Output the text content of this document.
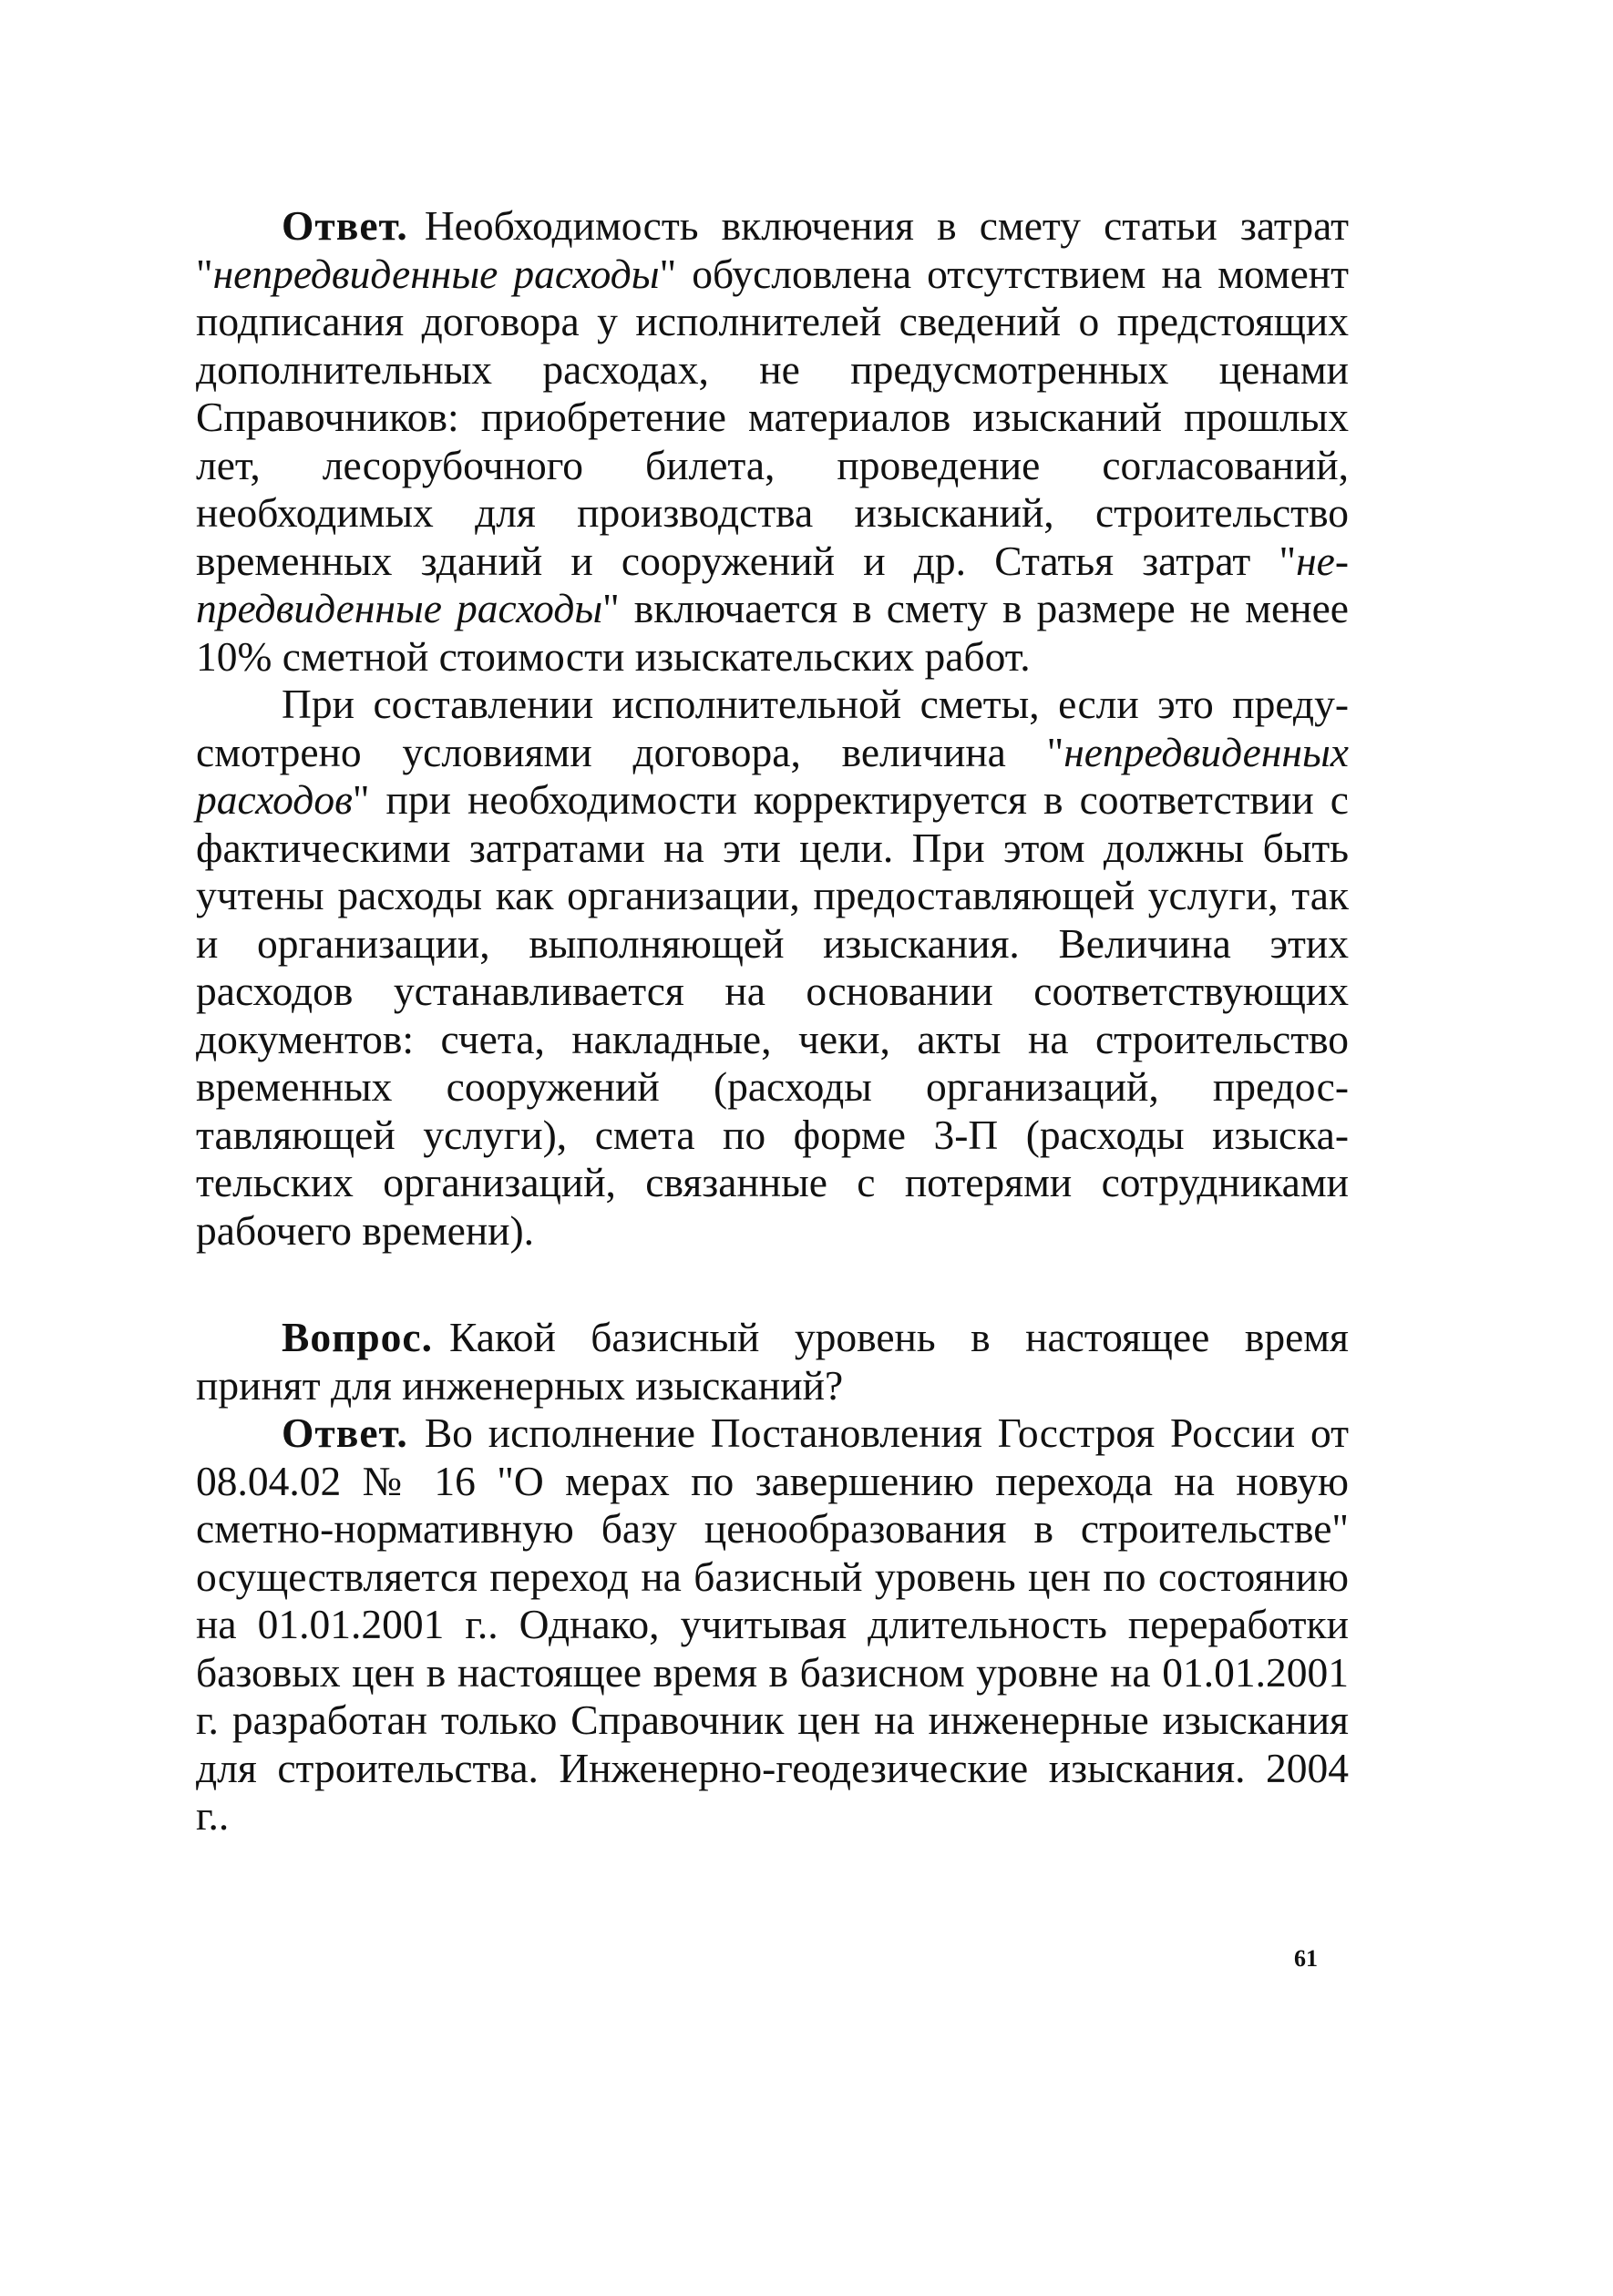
Ответ. Необходимость включения в смету статьи затрат "непредвиденные расходы" обусловлена отсутствием на момент подписания договора у исполнителей сведений о предстоящих дополнительных расходах, не предусмотренных ценами Справочников: приобретение материалов изысканий прошлых лет, лесорубочного билета, проведение согласований, необходимых для производства изысканий, строительство временных зданий и сооружений и др. Статья затрат "не-предвиденные расходы" включается в смету в размере не менее 10% сметной стоимости изыскательских работ.

При составлении исполнительной сметы, если это предусмотрено условиями договора, величина "непредвиденных расходов" при необходимости корректируется в соответствии с фактическими затратами на эти цели. При этом должны быть учтены расходы как организации, предоставляющей услуги, так и организации, выполняющей изыскания. Величина этих расходов устанавливается на основании соответствующих документов: счета, накладные, чеки, акты на строительство временных сооружений (расходы организаций, предоставляющей услуги), смета по форме 3-П (расходы изыскательских организаций, связанные с потерями сотрудниками рабочего времени).

Вопрос. Какой базисный уровень в настоящее время принят для инженерных изысканий?

Ответ. Во исполнение Постановления Госстроя России от 08.04.02 № 16 "О мерах по завершению перехода на новую сметно-нормативную базу ценообразования в строительстве" осуществляется переход на базисный уровень цен по состоянию на 01.01.2001 г.. Однако, учитывая длительность переработки базовых цен в настоящее время в базисном уровне на 01.01.2001 г. разработан только Справочник цен на инженерные изыскания для строительства. Инженерно-геодезические изыскания. 2004 г..

61
